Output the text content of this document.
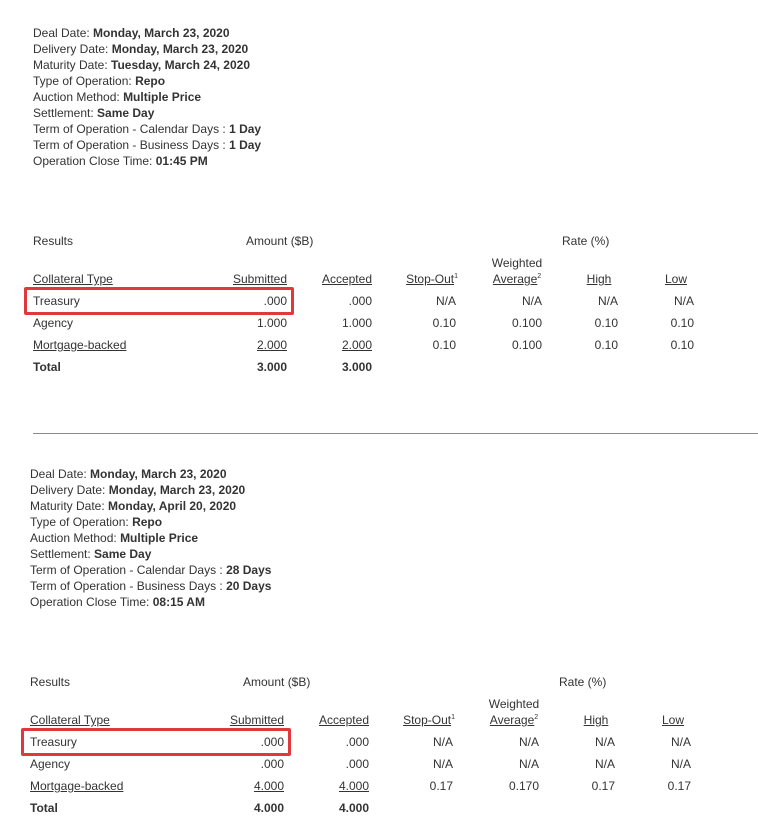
Deal Date: Monday, March 23, 2020
Delivery Date: Monday, March 23, 2020
Maturity Date: Tuesday, March 24, 2020
Type of Operation: Repo
Auction Method: Multiple Price
Settlement: Same Day
Term of Operation - Calendar Days : 1 Day
Term of Operation - Business Days : 1 Day
Operation Close Time: 01:45 PM
Results	Amount ($B)	Rate (%)
Collateral Type	Submitted	Accepted	Stop-Out$^1$
Weighted
Average$^2$	High	Low
Treasury	.000	.000	N/A	N/A	N/A	N/A
Agency	1.000	1.000	0.10	0.100	0.10	0.10
Mortgage-backed	2.000	2.000	0.10	0.100	0.10	0.10
Total	3.000	3.000
Deal Date: Monday, March 23, 2020
Delivery Date: Monday, March 23, 2020
Maturity Date: Monday, April 20, 2020
Type of Operation: Repo
Auction Method: Multiple Price
Settlement: Same Day
Term of Operation - Calendar Days : 28 Days
Term of Operation - Business Days : 20 Days
Operation Close Time: 08:15 AM
Results	Amount ($B)	Rate (%)
Collateral Type	Submitted	Accepted	Stop-Out$^1$
Weighted
Average$^2$	High	Low
Treasury	.000	.000	N/A	N/A	N/A	N/A
Agency	.000	.000	N/A	N/A	N/A	N/A
Mortgage-backed	4.000	4.000	0.17	0.170	0.17	0.17
Total	4.000	4.000
